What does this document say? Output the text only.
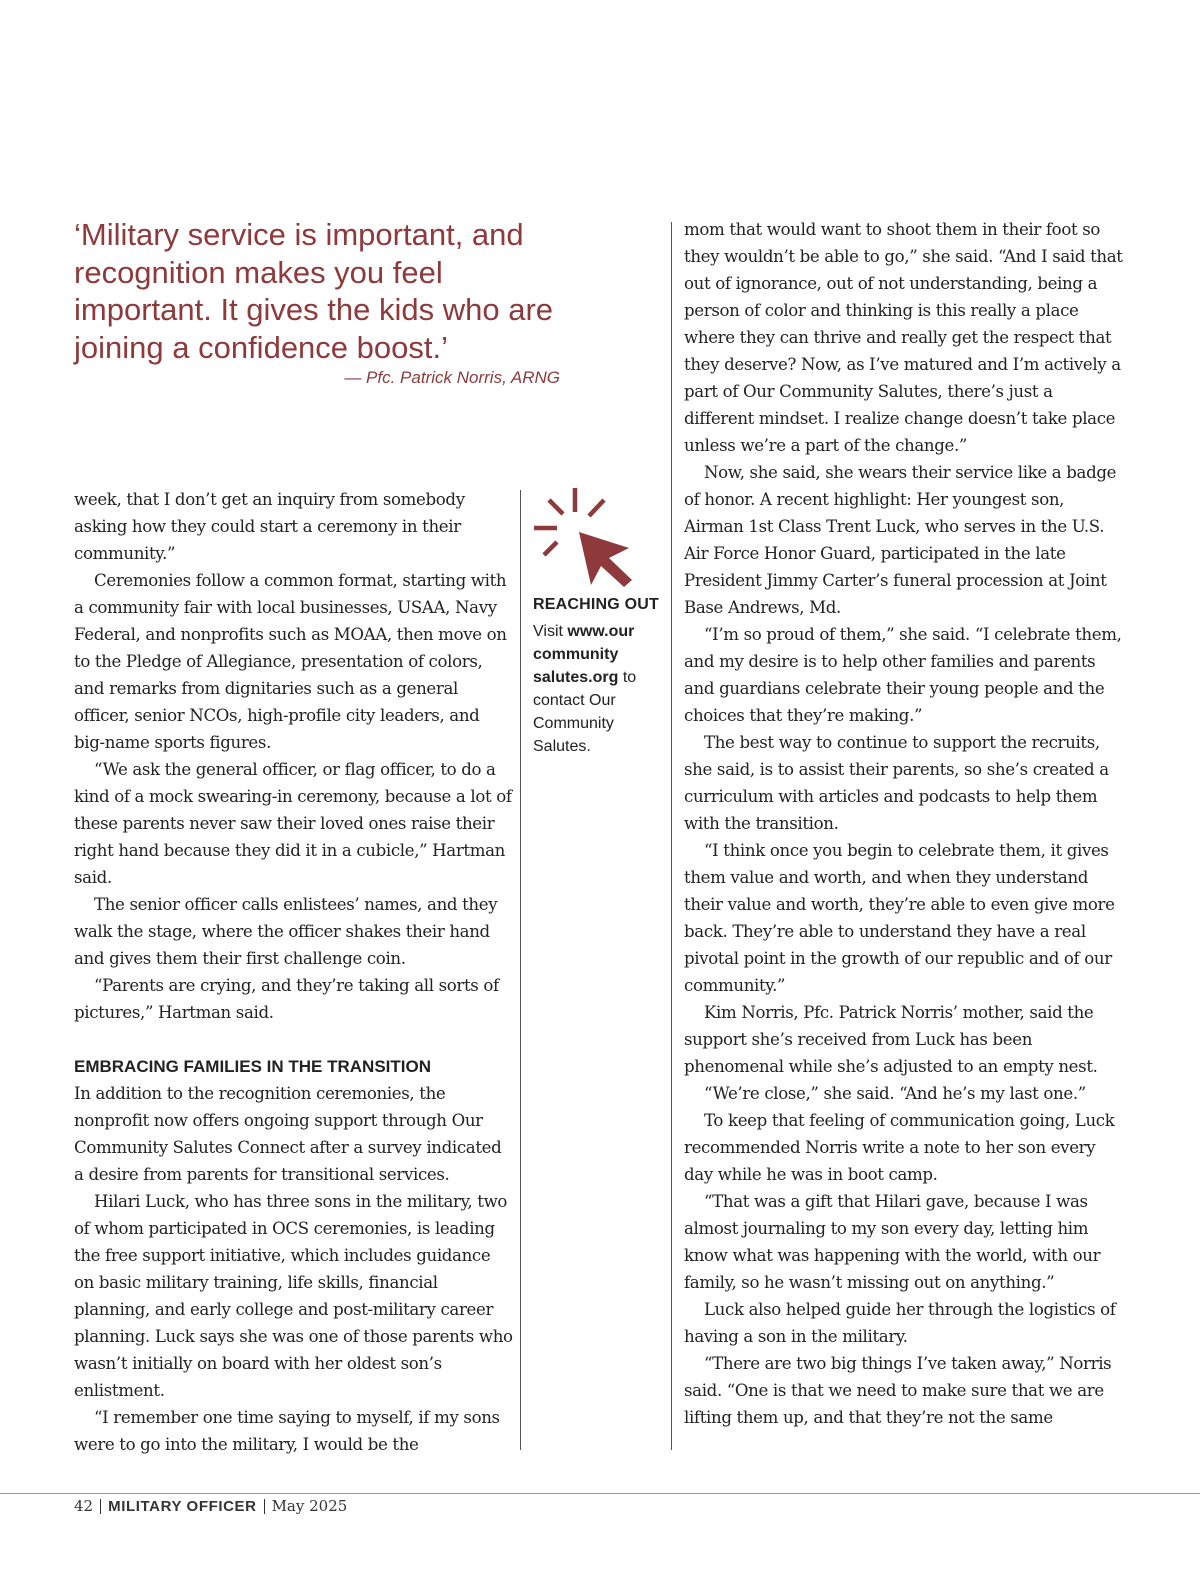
‘Military service is important, and recognition makes you feel important. It gives the kids who are joining a confidence boost.’

— Pfc. Patrick Norris, ARNG

week, that I don’t get an inquiry from somebody asking how they could start a ceremony in their community.”

Ceremonies follow a common format, starting with a community fair with local businesses, USAA, Navy Federal, and nonprofits such as MOAA, then move on to the Pledge of Allegiance, presentation of colors, and remarks from dignitaries such as a general officer, senior NCOs, high-profile city leaders, and big-name sports figures.

“We ask the general officer, or flag officer, to do a kind of a mock swearing-in ceremony, because a lot of these parents never saw their loved ones raise their right hand because they did it in a cubicle,” Hartman said.

The senior officer calls enlistees’ names, and they walk the stage, where the officer shakes their hand and gives them their first challenge coin.

“Parents are crying, and they’re taking all sorts of pictures,” Hartman said.

EMBRACING FAMILIES IN THE TRANSITION

In addition to the recognition ceremonies, the nonprofit now offers ongoing support through Our Community Salutes Connect after a survey indicated a desire from parents for transitional services.

Hilari Luck, who has three sons in the military, two of whom participated in OCS ceremonies, is leading the free support initiative, which includes guidance on basic military training, life skills, financial planning, and early college and post-military career planning. Luck says she was one of those parents who wasn’t initially on board with her oldest son’s enlistment.

“I remember one time saying to myself, if my sons were to go into the military, I would be the

REACHING OUT
Visit www.our community salutes.org to contact Our Community Salutes.

mom that would want to shoot them in their foot so they wouldn’t be able to go,” she said. “And I said that out of ignorance, out of not understanding, being a person of color and thinking is this really a place where they can thrive and really get the respect that they deserve? Now, as I’ve matured and I’m actively a part of Our Community Salutes, there’s just a different mindset. I realize change doesn’t take place unless we’re a part of the change.”

Now, she said, she wears their service like a badge of honor. A recent highlight: Her youngest son, Airman 1st Class Trent Luck, who serves in the U.S. Air Force Honor Guard, participated in the late President Jimmy Carter’s funeral procession at Joint Base Andrews, Md.

“I’m so proud of them,” she said. “I celebrate them, and my desire is to help other families and parents and guardians celebrate their young people and the choices that they’re making.”

The best way to continue to support the recruits, she said, is to assist their parents, so she’s created a curriculum with articles and podcasts to help them with the transition.

“I think once you begin to celebrate them, it gives them value and worth, and when they understand their value and worth, they’re able to even give more back. They’re able to understand they have a real pivotal point in the growth of our republic and of our community.”

Kim Norris, Pfc. Patrick Norris’ mother, said the support she’s received from Luck has been phenomenal while she’s adjusted to an empty nest.

“We’re close,” she said. “And he’s my last one.”

To keep that feeling of communication going, Luck recommended Norris write a note to her son every day while he was in boot camp.

“That was a gift that Hilari gave, because I was almost journaling to my son every day, letting him know what was happening with the world, with our family, so he wasn’t missing out on anything.”

Luck also helped guide her through the logistics of having a son in the military.

“There are two big things I’ve taken away,” Norris said. “One is that we need to make sure that we are lifting them up, and that they’re not the same

42 MILITARY OFFICER May 2025
